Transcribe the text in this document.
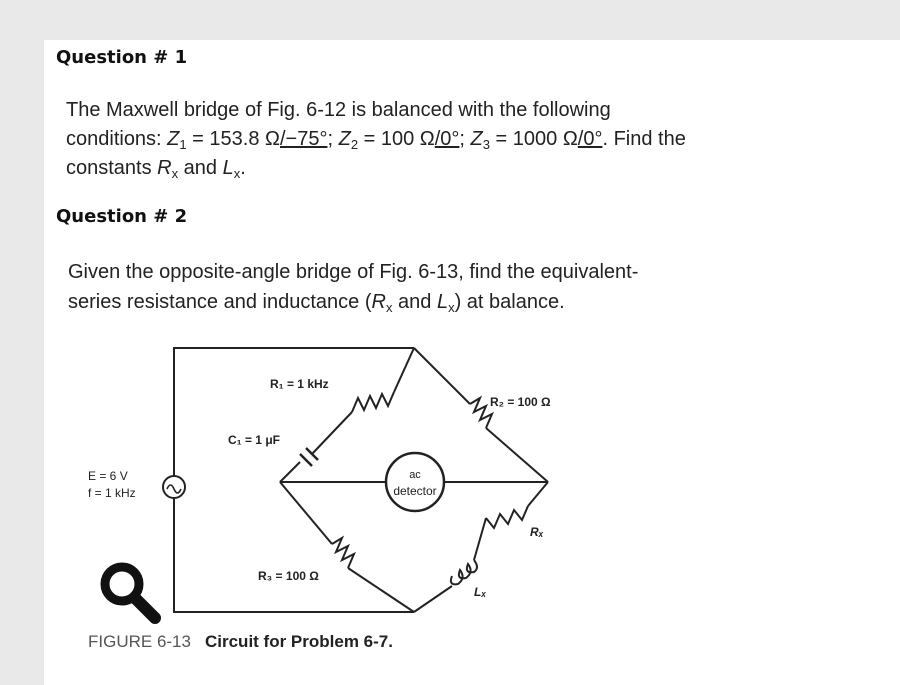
Question # 1
The Maxwell bridge of Fig. 6-12 is balanced with the following
conditions: $Z_1 = 153.8$ Ω/−75°; $Z_2 = 100$ Ω/0°; $Z_3 = 1000$ Ω/0°. Find the
constants $R_x$ and $L_x$.
Question # 2
Given the opposite-angle bridge of Fig. 6-13, find the equivalent-
series resistance and inductance ($R_x$ and $L_x$) at balance.
ac
detector
R₁ = 1 kHz
R₂ = 100 Ω
C₁ = 1 μF
R₃ = 100 Ω
Rₓ
Lₓ
E = 6 V
f = 1 kHz
FIGURE 6-13 Circuit for Problem 6-7.
